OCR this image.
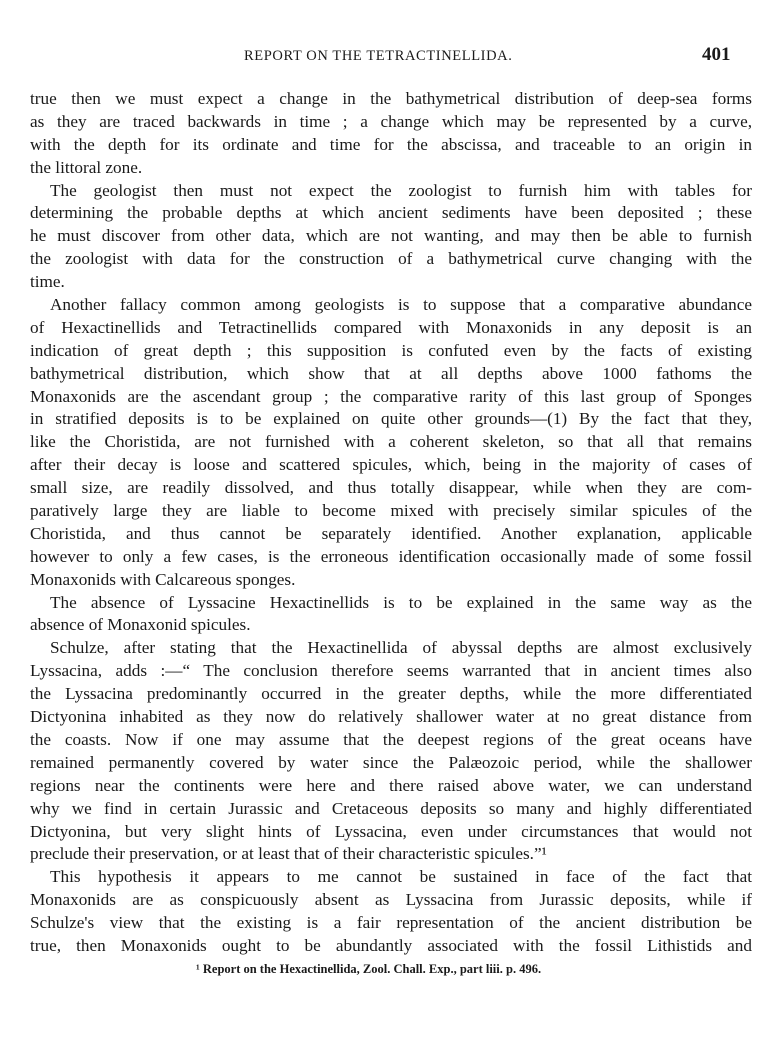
REPORT ON THE TETRACTINELLIDA.	401
true then we must expect a change in the bathymetrical distribution of deep-sea forms
as they are traced backwards in time ; a change which may be represented by a curve,
with the depth for its ordinate and time for the abscissa, and traceable to an origin in
the littoral zone.
The geologist then must not expect the zoologist to furnish him with tables for
determining the probable depths at which ancient sediments have been deposited ; these
he must discover from other data, which are not wanting, and may then be able to furnish
the zoologist with data for the construction of a bathymetrical curve changing with the
time.
Another fallacy common among geologists is to suppose that a comparative abundance
of Hexactinellids and Tetractinellids compared with Monaxonids in any deposit is an
indication of great depth ; this supposition is confuted even by the facts of existing
bathymetrical distribution, which show that at all depths above 1000 fathoms the
Monaxonids are the ascendant group ; the comparative rarity of this last group of Sponges
in stratified deposits is to be explained on quite other grounds—(1) By the fact that they,
like the Choristida, are not furnished with a coherent skeleton, so that all that remains
after their decay is loose and scattered spicules, which, being in the majority of cases of
small size, are readily dissolved, and thus totally disappear, while when they are com-
paratively large they are liable to become mixed with precisely similar spicules of the
Choristida, and thus cannot be separately identified. Another explanation, applicable
however to only a few cases, is the erroneous identification occasionally made of some fossil
Monaxonids with Calcareous sponges.
The absence of Lyssacine Hexactinellids is to be explained in the same way as the
absence of Monaxonid spicules.
Schulze, after stating that the Hexactinellida of abyssal depths are almost exclusively
Lyssacina, adds :—“ The conclusion therefore seems warranted that in ancient times also
the Lyssacina predominantly occurred in the greater depths, while the more differentiated
Dictyonina inhabited as they now do relatively shallower water at no great distance from
the coasts. Now if one may assume that the deepest regions of the great oceans have
remained permanently covered by water since the Palæozoic period, while the shallower
regions near the continents were here and there raised above water, we can understand
why we find in certain Jurassic and Cretaceous deposits so many and highly differentiated
Dictyonina, but very slight hints of Lyssacina, even under circumstances that would not
preclude their preservation, or at least that of their characteristic spicules.”¹
This hypothesis it appears to me cannot be sustained in face of the fact that
Monaxonids are as conspicuously absent as Lyssacina from Jurassic deposits, while if
Schulze's view that the existing is a fair representation of the ancient distribution be
true, then Monaxonids ought to be abundantly associated with the fossil Lithistids and
¹ Report on the Hexactinellida, Zool. Chall. Exp., part liii. p. 496.
